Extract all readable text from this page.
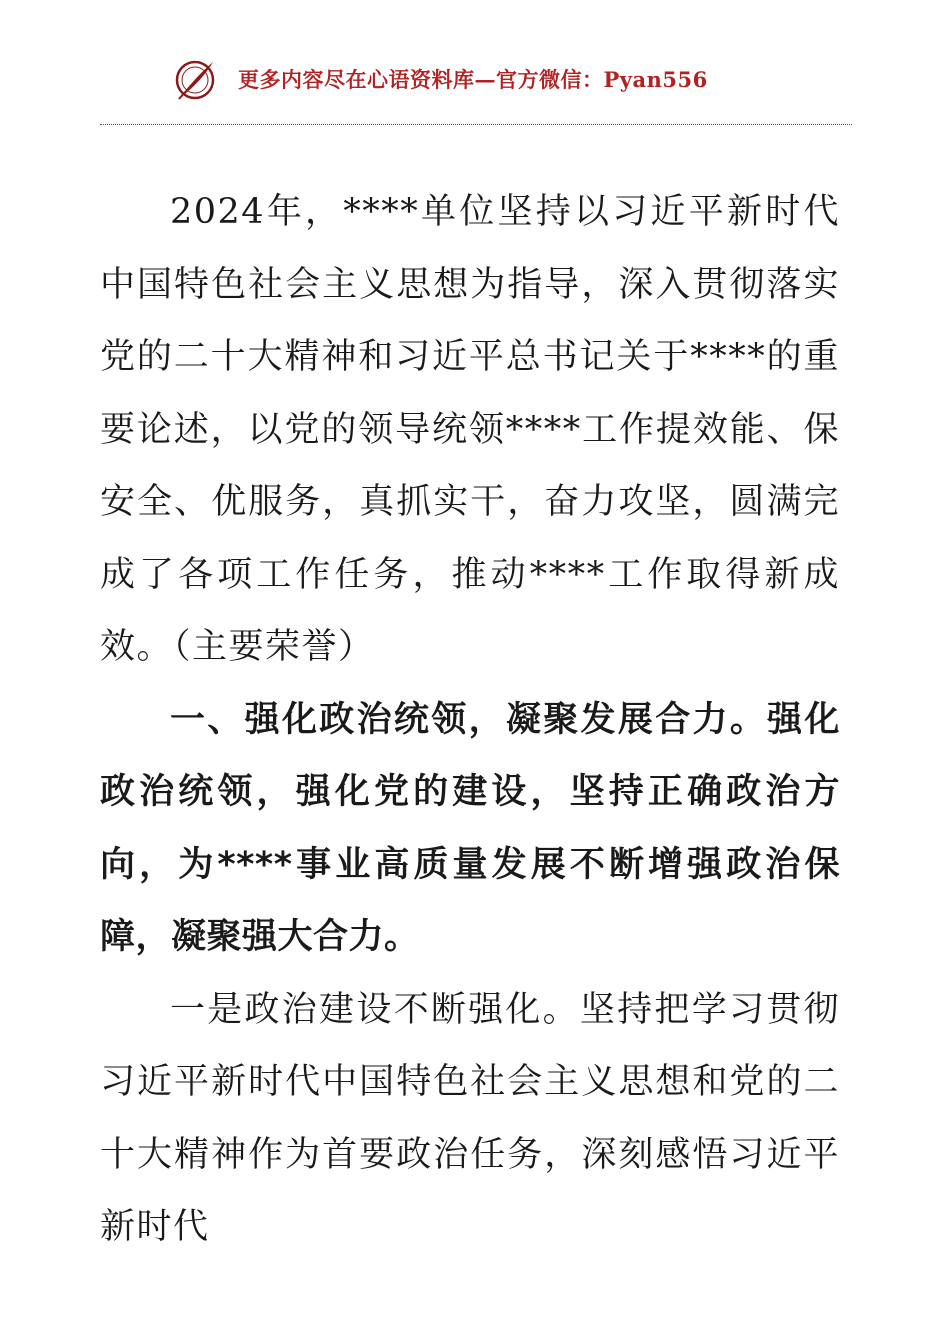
更多内容尽在心语资料库—官方微信：Pyan556

2024年，****单位坚持以习近平新时代中国特色社会主义思想为指导，深入贯彻落实党的二十大精神和习近平总书记关于****的重要论述，以党的领导统领****工作提效能、保安全、优服务，真抓实干，奋力攻坚，圆满完成了各项工作任务，推动****工作取得新成效。（主要荣誉）

一、强化政治统领，凝聚发展合力。强化政治统领，强化党的建设，坚持正确政治方向，为****事业高质量发展不断增强政治保障，凝聚强大合力。

一是政治建设不断强化。坚持把学习贯彻习近平新时代中国特色社会主义思想和党的二十大精神作为首要政治任务，深刻感悟习近平新时代
